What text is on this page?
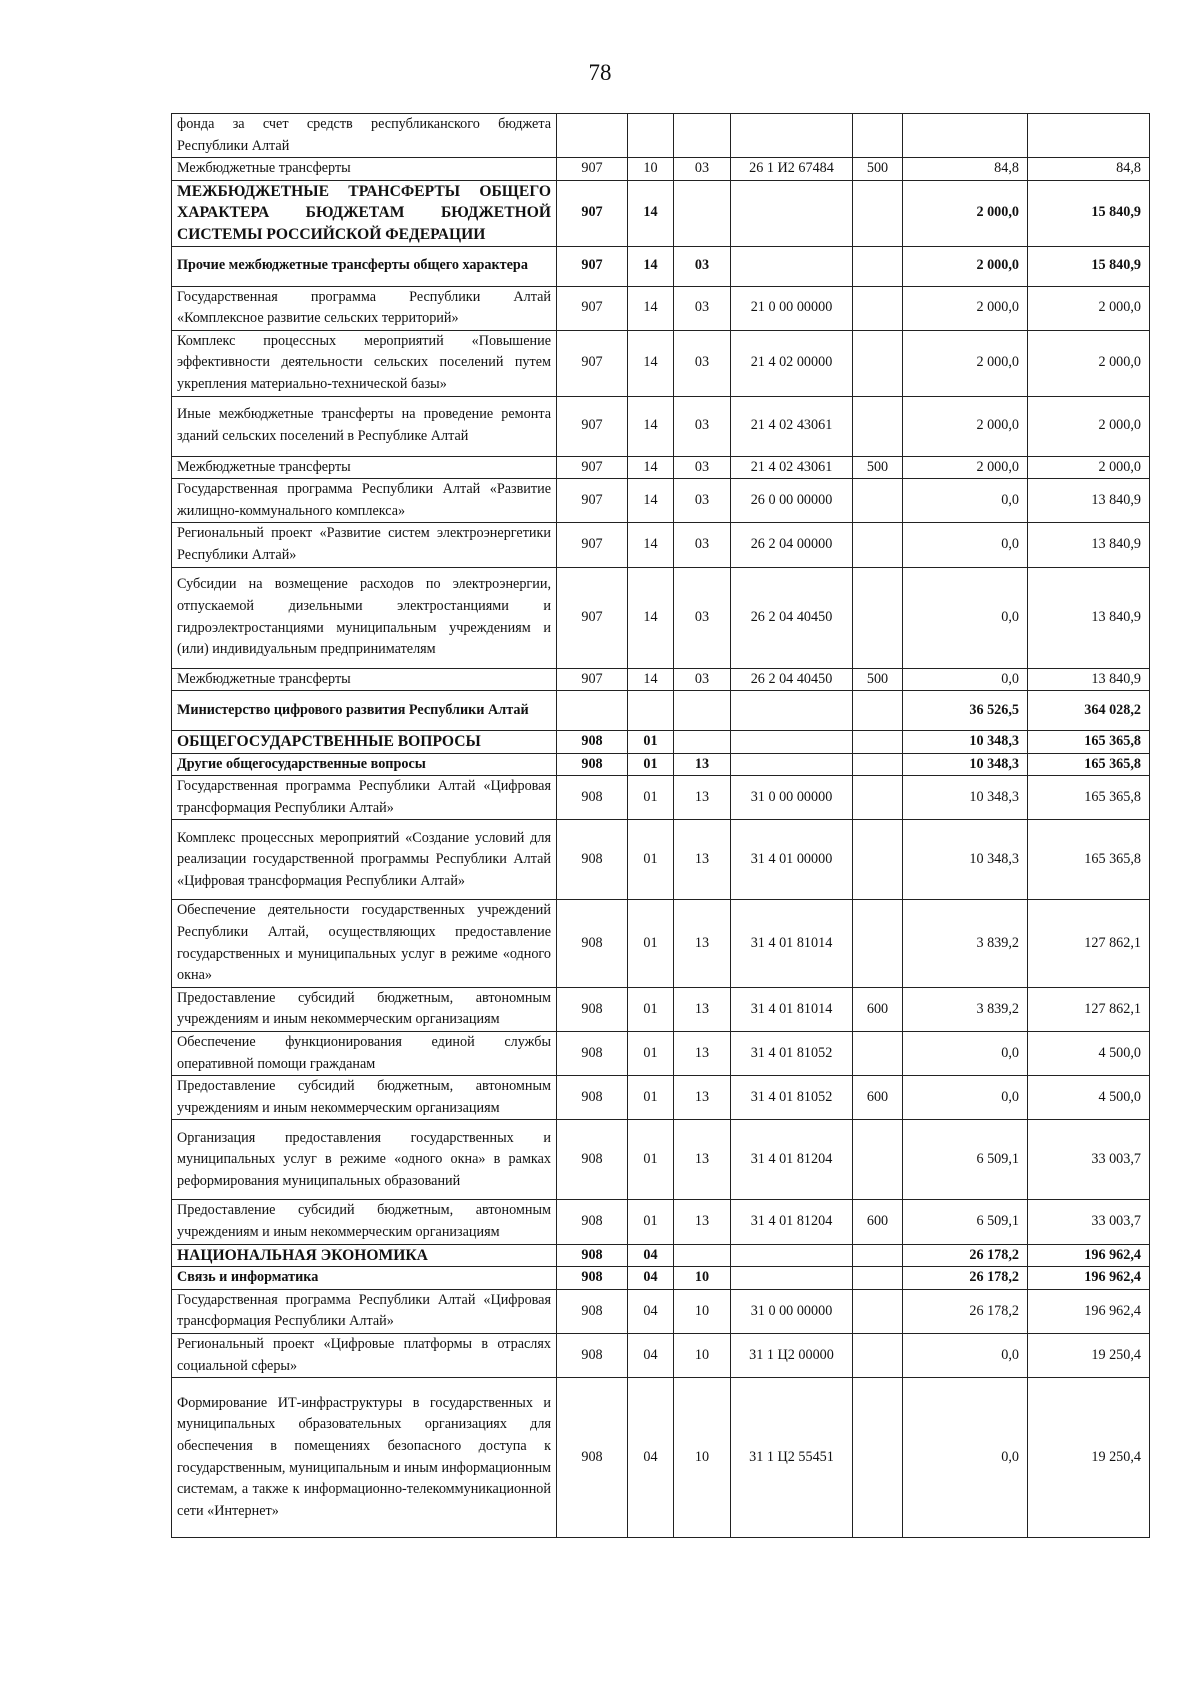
78
фонда за счет средств республиканского бюджета Республики Алтай							
Межбюджетные трансферты	907	10	03	26 1 И2 67484	500	84,8	84,8
МЕЖБЮДЖЕТНЫЕ ТРАНСФЕРТЫ ОБЩЕГО ХАРАКТЕРА БЮДЖЕТАМ БЮДЖЕТНОЙ СИСТЕМЫ РОССИЙСКОЙ ФЕДЕРАЦИИ	907	14				2 000,0	15 840,9
Прочие межбюджетные трансферты общего характера	907	14	03			2 000,0	15 840,9
Государственная программа Республики Алтай «Комплексное развитие сельских территорий»	907	14	03	21 0 00 00000		2 000,0	2 000,0
Комплекс процессных мероприятий «Повышение эффективности деятельности сельских поселений путем укрепления материально-технической базы»	907	14	03	21 4 02 00000		2 000,0	2 000,0
Иные межбюджетные трансферты на проведение ремонта зданий сельских поселений в Республике Алтай	907	14	03	21 4 02 43061		2 000,0	2 000,0
Межбюджетные трансферты	907	14	03	21 4 02 43061	500	2 000,0	2 000,0
Государственная программа Республики Алтай «Развитие жилищно-коммунального комплекса»	907	14	03	26 0 00 00000		0,0	13 840,9
Региональный проект «Развитие систем электроэнергетики Республики Алтай»	907	14	03	26 2 04 00000		0,0	13 840,9
Субсидии на возмещение расходов по электроэнергии, отпускаемой дизельными электростанциями и гидроэлектростанциями муниципальным учреждениям и (или) индивидуальным предпринимателям	907	14	03	26 2 04 40450		0,0	13 840,9
Межбюджетные трансферты	907	14	03	26 2 04 40450	500	0,0	13 840,9
Министерство цифрового развития Республики Алтай						36 526,5	364 028,2
ОБЩЕГОСУДАРСТВЕННЫЕ ВОПРОСЫ	908	01				10 348,3	165 365,8
Другие общегосударственные вопросы	908	01	13			10 348,3	165 365,8
Государственная программа Республики Алтай «Цифровая трансформация Республики Алтай»	908	01	13	31 0 00 00000		10 348,3	165 365,8
Комплекс процессных мероприятий «Создание условий для реализации государственной программы Республики Алтай «Цифровая трансформация Республики Алтай»	908	01	13	31 4 01 00000		10 348,3	165 365,8
Обеспечение деятельности государственных учреждений Республики Алтай, осуществляющих предоставление государственных и муниципальных услуг в режиме «одного окна»	908	01	13	31 4 01 81014		3 839,2	127 862,1
Предоставление субсидий бюджетным, автономным учреждениям и иным некоммерческим организациям	908	01	13	31 4 01 81014	600	3 839,2	127 862,1
Обеспечение функционирования единой службы оперативной помощи гражданам	908	01	13	31 4 01 81052		0,0	4 500,0
Предоставление субсидий бюджетным, автономным учреждениям и иным некоммерческим организациям	908	01	13	31 4 01 81052	600	0,0	4 500,0
Организация предоставления государственных и муниципальных услуг в режиме «одного окна» в рамках реформирования муниципальных образований	908	01	13	31 4 01 81204		6 509,1	33 003,7
Предоставление субсидий бюджетным, автономным учреждениям и иным некоммерческим организациям	908	01	13	31 4 01 81204	600	6 509,1	33 003,7
НАЦИОНАЛЬНАЯ ЭКОНОМИКА	908	04				26 178,2	196 962,4
Связь и информатика	908	04	10			26 178,2	196 962,4
Государственная программа Республики Алтай «Цифровая трансформация Республики Алтай»	908	04	10	31 0 00 00000		26 178,2	196 962,4
Региональный проект «Цифровые платформы в отраслях социальной сферы»	908	04	10	31 1 Ц2 00000		0,0	19 250,4
Формирование ИТ-инфраструктуры в государственных и муниципальных образовательных организациях для обеспечения в помещениях безопасного доступа к государственным, муниципальным и иным информационным системам, а также к информационно-телекоммуникационной сети «Интернет»	908	04	10	31 1 Ц2 55451		0,0	19 250,4
